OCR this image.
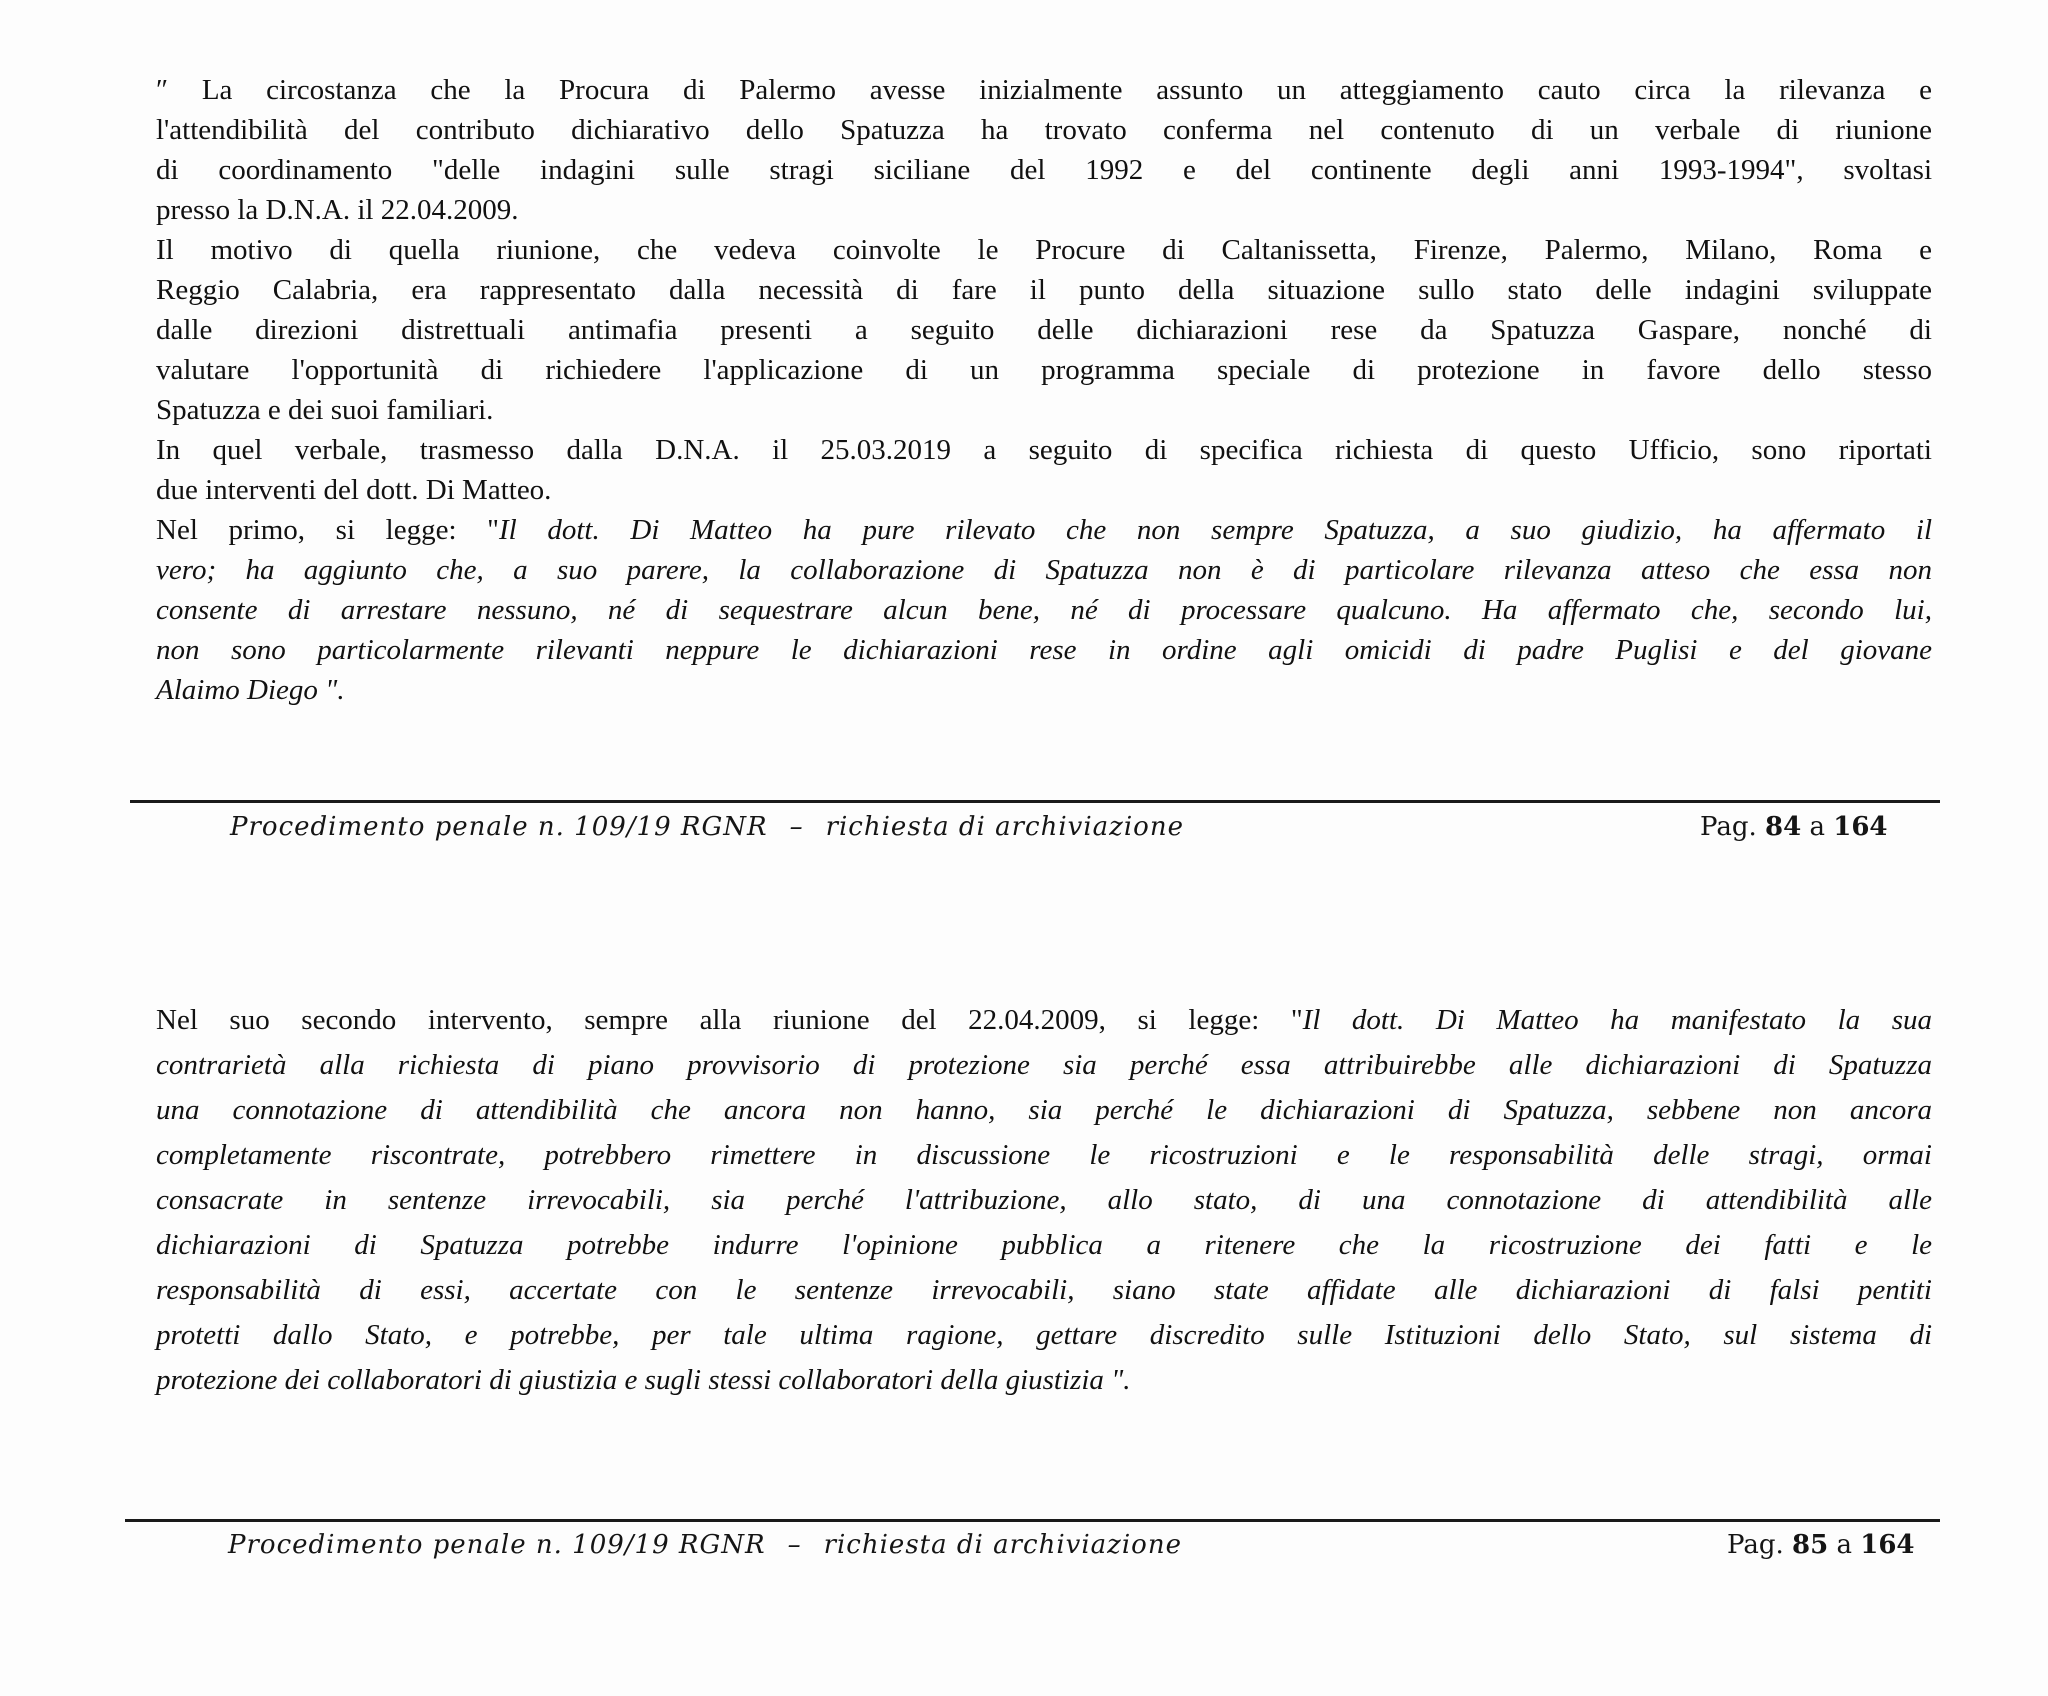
″ La circostanza che la Procura di Palermo avesse inizialmente assunto un atteggiamento cauto circa la rilevanza e
l'attendibilità del contributo dichiarativo dello Spatuzza ha trovato conferma nel contenuto di un verbale di riunione
di coordinamento "delle indagini sulle stragi siciliane del 1992 e del continente degli anni 1993-1994", svoltasi
presso la D.N.A. il 22.04.2009.
Il motivo di quella riunione, che vedeva coinvolte le Procure di Caltanissetta, Firenze, Palermo, Milano, Roma e
Reggio Calabria, era rappresentato dalla necessità di fare il punto della situazione sullo stato delle indagini sviluppate
dalle direzioni distrettuali antimafia presenti a seguito delle dichiarazioni rese da Spatuzza Gaspare, nonché di
valutare l'opportunità di richiedere l'applicazione di un programma speciale di protezione in favore dello stesso
Spatuzza e dei suoi familiari.
In quel verbale, trasmesso dalla D.N.A. il 25.03.2019 a seguito di specifica richiesta di questo Ufficio, sono riportati
due interventi del dott. Di Matteo.
Nel primo, si legge: "Il dott. Di Matteo ha pure rilevato che non sempre Spatuzza, a suo giudizio, ha affermato il
vero; ha aggiunto che, a suo parere, la collaborazione di Spatuzza non è di particolare rilevanza atteso che essa non
consente di arrestare nessuno, né di sequestrare alcun bene, né di processare qualcuno. Ha affermato che, secondo lui,
non sono particolarmente rilevanti neppure le dichiarazioni rese in ordine agli omicidi di padre Puglisi e del giovane
Alaimo Diego ".
Procedimento penale n. 109/19 RGNR – richiesta di archiviazione	Pag. 84 a 164
Nel suo secondo intervento, sempre alla riunione del 22.04.2009, si legge: "Il dott. Di Matteo ha manifestato la sua
contrarietà alla richiesta di piano provvisorio di protezione sia perché essa attribuirebbe alle dichiarazioni di Spatuzza
una connotazione di attendibilità che ancora non hanno, sia perché le dichiarazioni di Spatuzza, sebbene non ancora
completamente riscontrate, potrebbero rimettere in discussione le ricostruzioni e le responsabilità delle stragi, ormai
consacrate in sentenze irrevocabili, sia perché l'attribuzione, allo stato, di una connotazione di attendibilità alle
dichiarazioni di Spatuzza potrebbe indurre l'opinione pubblica a ritenere che la ricostruzione dei fatti e le
responsabilità di essi, accertate con le sentenze irrevocabili, siano state affidate alle dichiarazioni di falsi pentiti
protetti dallo Stato, e potrebbe, per tale ultima ragione, gettare discredito sulle Istituzioni dello Stato, sul sistema di
protezione dei collaboratori di giustizia e sugli stessi collaboratori della giustizia ".
Procedimento penale n. 109/19 RGNR – richiesta di archiviazione	Pag. 85 a 164
